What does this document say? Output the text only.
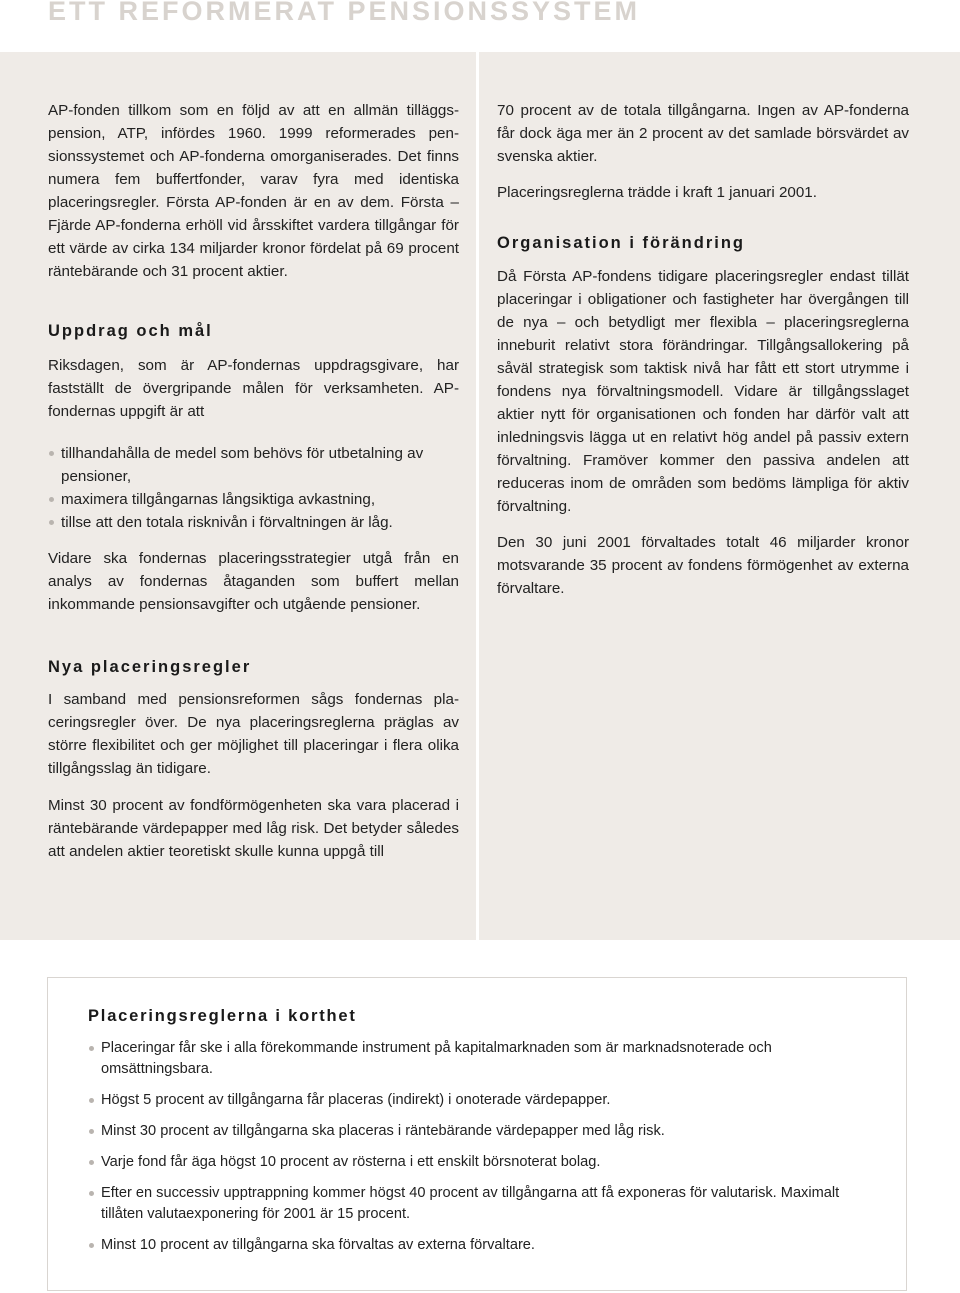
ETT REFORMERAT PENSIONSSYSTEM

AP-fonden tillkom som en följd av att en allmän tilläggspension, ATP, infördes 1960. 1999 reformerades pensionssystemet och AP-fonderna omorganiserades. Det finns numera fem buffertfonder, varav fyra med identiska placeringsregler. Första AP-fonden är en av dem. Första – Fjärde AP-fonderna erhöll vid årsskiftet vardera tillgångar för ett värde av cirka 134 miljarder kronor fördelat på 69 procent räntebärande och 31 procent aktier.

Uppdrag och mål

Riksdagen, som är AP-fondernas uppdragsgivare, har fastställt de övergripande målen för verksamheten. AP-fondernas uppgift är att

tillhandahålla de medel som behövs för utbetalning av pensioner,
maximera tillgångarnas långsiktiga avkastning,
tillse att den totala risknivån i förvaltningen är låg.

Vidare ska fondernas placeringsstrategier utgå från en analys av fondernas åtaganden som buffert mellan inkommande pensionsavgifter och utgående pensioner.

Nya placeringsregler

I samband med pensionsreformen sågs fondernas placeringsregler över. De nya placeringsreglerna präglas av större flexibilitet och ger möjlighet till placeringar i flera olika tillgångsslag än tidigare.

Minst 30 procent av fondförmögenheten ska vara placerad i räntebärande värdepapper med låg risk. Det betyder således att andelen aktier teoretiskt skulle kunna uppgå till

70 procent av de totala tillgångarna. Ingen av AP-fonderna får dock äga mer än 2 procent av det samlade börsvärdet av svenska aktier.

Placeringsreglerna trädde i kraft 1 januari 2001.

Organisation i förändring

Då Första AP-fondens tidigare placeringsregler endast tillät placeringar i obligationer och fastigheter har övergången till de nya – och betydligt mer flexibla – placeringsreglerna inneburit relativt stora förändringar. Tillgångsallokering på såväl strategisk som taktisk nivå har fått ett stort utrymme i fondens nya förvaltningsmodell. Vidare är tillgångsslaget aktier nytt för organisationen och fonden har därför valt att inledningsvis lägga ut en relativt hög andel på passiv extern förvaltning. Framöver kommer den passiva andelen att reduceras inom de områden som bedöms lämpliga för aktiv förvaltning.

Den 30 juni 2001 förvaltades totalt 46 miljarder kronor motsvarande 35 procent av fondens förmögenhet av externa förvaltare.

Placeringsreglerna i korthet
Placeringar får ske i alla förekommande instrument på kapitalmarknaden som är marknadsnoterade och omsättningsbara.
Högst 5 procent av tillgångarna får placeras (indirekt) i onoterade värdepapper.
Minst 30 procent av tillgångarna ska placeras i räntebärande värdepapper med låg risk.
Varje fond får äga högst 10 procent av rösterna i ett enskilt börsnoterat bolag.
Efter en successiv upptrappning kommer högst 40 procent av tillgångarna att få exponeras för valutarisk. Maximalt tillåten valutaexponering för 2001 är 15 procent.
Minst 10 procent av tillgångarna ska förvaltas av externa förvaltare.
